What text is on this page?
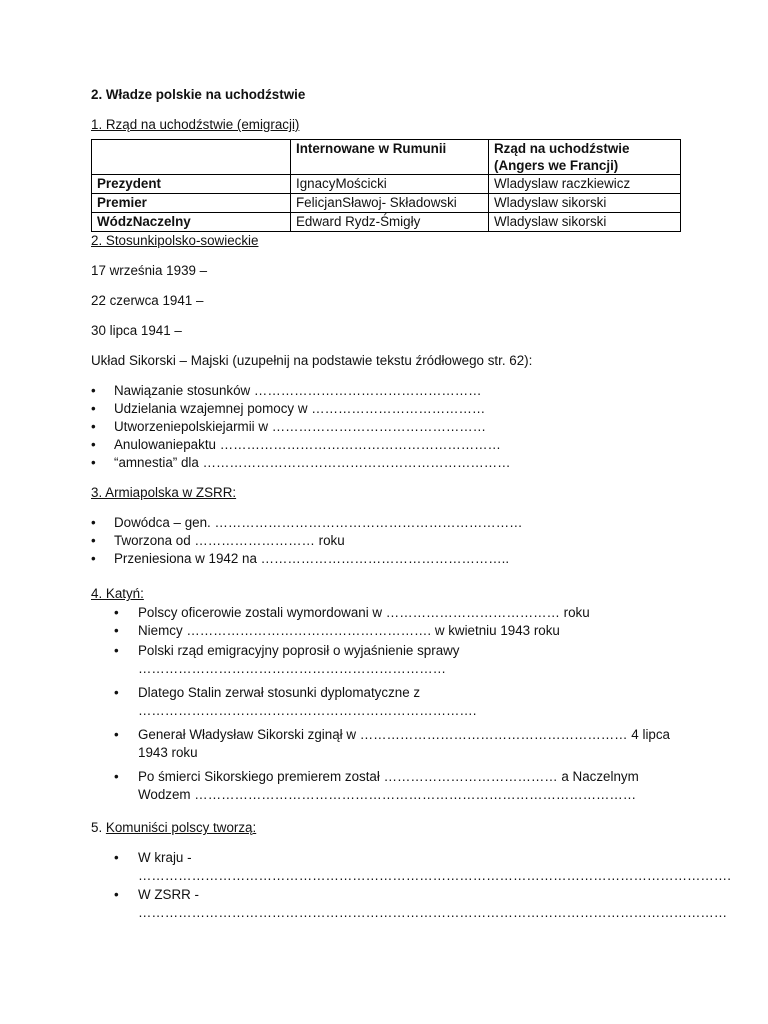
2. Władze polskie na uchodźstwie

1. Rząd na uchodźstwie (emigracji)

	Internowane w Rumunii	Rząd na uchodźstwie
(Angers we Francji)
Prezydent	IgnacyMościcki	Wladyslaw raczkiewicz
Premier	FelicjanSławoj- Składowski	Wladyslaw sikorski
WódzNaczelny	Edward Rydz-Śmigły	Wladyslaw sikorski

2. Stosunkipolsko-sowieckie

17 września 1939 –

22 czerwca 1941 –

30 lipca 1941 –

Układ Sikorski – Majski (uzupełnij na podstawie tekstu źródłowego str. 62):

• Nawiązanie stosunków ……………………………………………
• Udzielania wzajemnej pomocy w …………………………………
• Utworzeniepolskiejarmii w …………………………………………
• Anulowaniepaktu ………………………………………………………
• “amnestia” dla ……………………………………………………………

3. Armiapolska w ZSRR:

• Dowódca – gen. ……………………………………………………………
• Tworzona od ……………………… roku
• Przeniesiona w 1942 na ………………………………………………..

4. Katyń:

• Polscy oficerowie zostali wymordowani w ………………………………… roku
• Niemcy ………………………………………………. w kwietniu 1943 roku
• Polski rząd emigracyjny poprosił o wyjaśnienie sprawy ……………………………………………………………
• Dlatego Stalin zerwał stosunki dyplomatyczne z ………………………………………………………………….
• Generał Władysław Sikorski zginął w …………………………………………………… 4 lipca 1943 roku
• Po śmierci Sikorskiego premierem został ………………………………… a Naczelnym Wodzem ………………………………………………………………………………………

5. Komuniści polscy tworzą:

• W kraju - …………………………………………………………………………………………………………………….
• W ZSRR - ……………………………………………………………………………………………………………………
